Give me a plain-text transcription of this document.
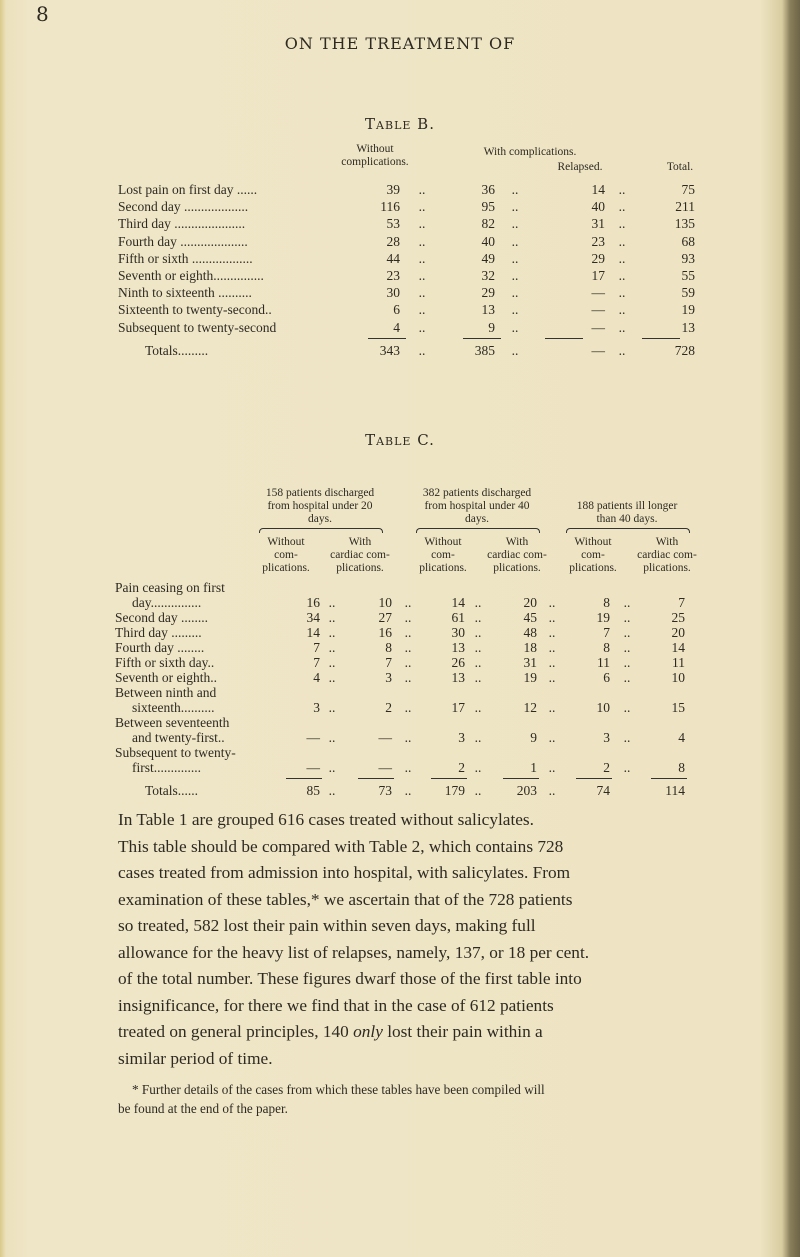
8
ON THE TREATMENT OF
Table B.
Without
complications.
With complications.
Relapsed.	Total.
Lost pain on first day ......	39	36	14	75
..	..	..
Second day ...................	116	95	40	211
..	..	..
Third day .....................	53	82	31	135
..	..	..
Fourth day ....................	28	40	23	68
..	..	..
Fifth or sixth ..................	44	49	29	93
..	..	..
Seventh or eighth...............	23	32	17	55
..	..	..
Ninth to sixteenth ..........	30	29	—	59
..	..	..
Sixteenth to twenty-second..	6	13	—	19
..	..	..
Subsequent to twenty-second	4	9	—	13
..	..	..
Totals.........	343	385	—	728
..	..	..
Table C.
158 patients discharged
from hospital under 20
days.
Without
com-
plications.
With
cardiac com-
plications.
382 patients discharged
from hospital under 40
days.
Without
com-
plications.
With
cardiac com-
plications.
188 patients ill longer
than 40 days.
Without
com-
plications.
With
cardiac com-
plications.
Pain ceasing on first
day...............	16	10	14	20	8	7
..	..	..	..	..
Second day ........	34	27	61	45	19	25
..	..	..	..	..
Third day .........	14	16	30	48	7	20
..	..	..	..	..
Fourth day ........	7	8	13	18	8	14
..	..	..	..	..
Fifth or sixth day..	7	7	26	31	11	11
..	..	..	..	..
Seventh or eighth..	4	3	13	19	6	10
..	..	..	..	..
Between ninth and
sixteenth..........	3	2	17	12	10	15
..	..	..	..	..
Between seventeenth
and twenty-first..	—	—	3	9	3	4
..	..	..	..	..
Subsequent to twenty-
first..............	—	—	2	1	2	8
..	..	..	..	..
Totals......	85	73	179	203	74	114
..	..	..	..
In Table 1 are grouped 616 cases treated without salicylates.
This table should be compared with Table 2, which contains 728
cases treated from admission into hospital, with salicylates. From
examination of these tables,* we ascertain that of the 728 patients
so treated, 582 lost their pain within seven days, making full
allowance for the heavy list of relapses, namely, 137, or 18 per cent.
of the total number. These figures dwarf those of the first table into
insignificance, for there we find that in the case of 612 patients
treated on general principles, 140 only lost their pain within a
similar period of time.
* Further details of the cases from which these tables have been compiled will
be found at the end of the paper.
